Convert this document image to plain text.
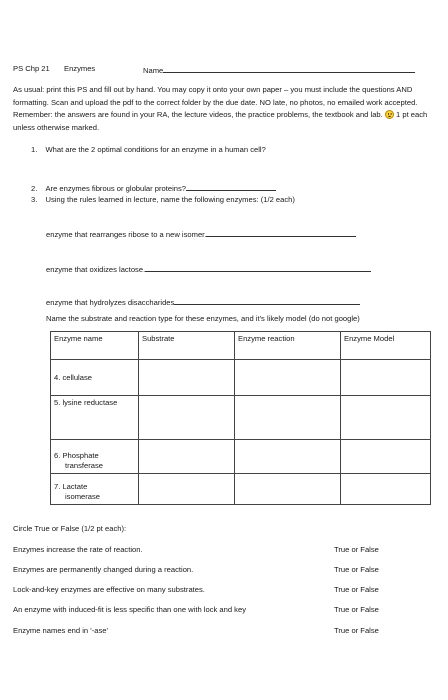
PS Chp 21 Enzymes	Name
As usual: print this PS and fill out by hand. You may copy it onto your own paper – you must include the questions AND formatting. Scan and upload the pdf to the correct folder by the due date. NO late, no photos, no emailed work accepted. Remember: the answers are found in your RA, the lecture videos, the practice problems, the textbook and lab. 1 pt each unless otherwise marked.
1. What are the 2 optimal conditions for an enzyme in a human cell?
2. Are enzymes fibrous or globular proteins?
3. Using the rules learned in lecture, name the following enzymes: (1/2 each)
enzyme that rearranges ribose to a new isomer.
enzyme that oxidizes lactose.
enzyme that hydrolyzes disaccharides
Name the substrate and reaction type for these enzymes, and it's likely model (do not google)
Enzyme name	Substrate	Enzyme reaction	Enzyme Model
4. cellulase			
5. lysine reductase			
6. Phosphate
transferase			
7. Lactate
isomerase			
Circle True or False (1/2 pt each):
Enzymes increase the rate of reaction.	True or False
Enzymes are permanently changed during a reaction.	True or False
Lock-and-key enzymes are effective on many substrates.	True or False
An enzyme with induced-fit is less specific than one with lock and key	True or False
Enzyme names end in '-ase'	True or False
